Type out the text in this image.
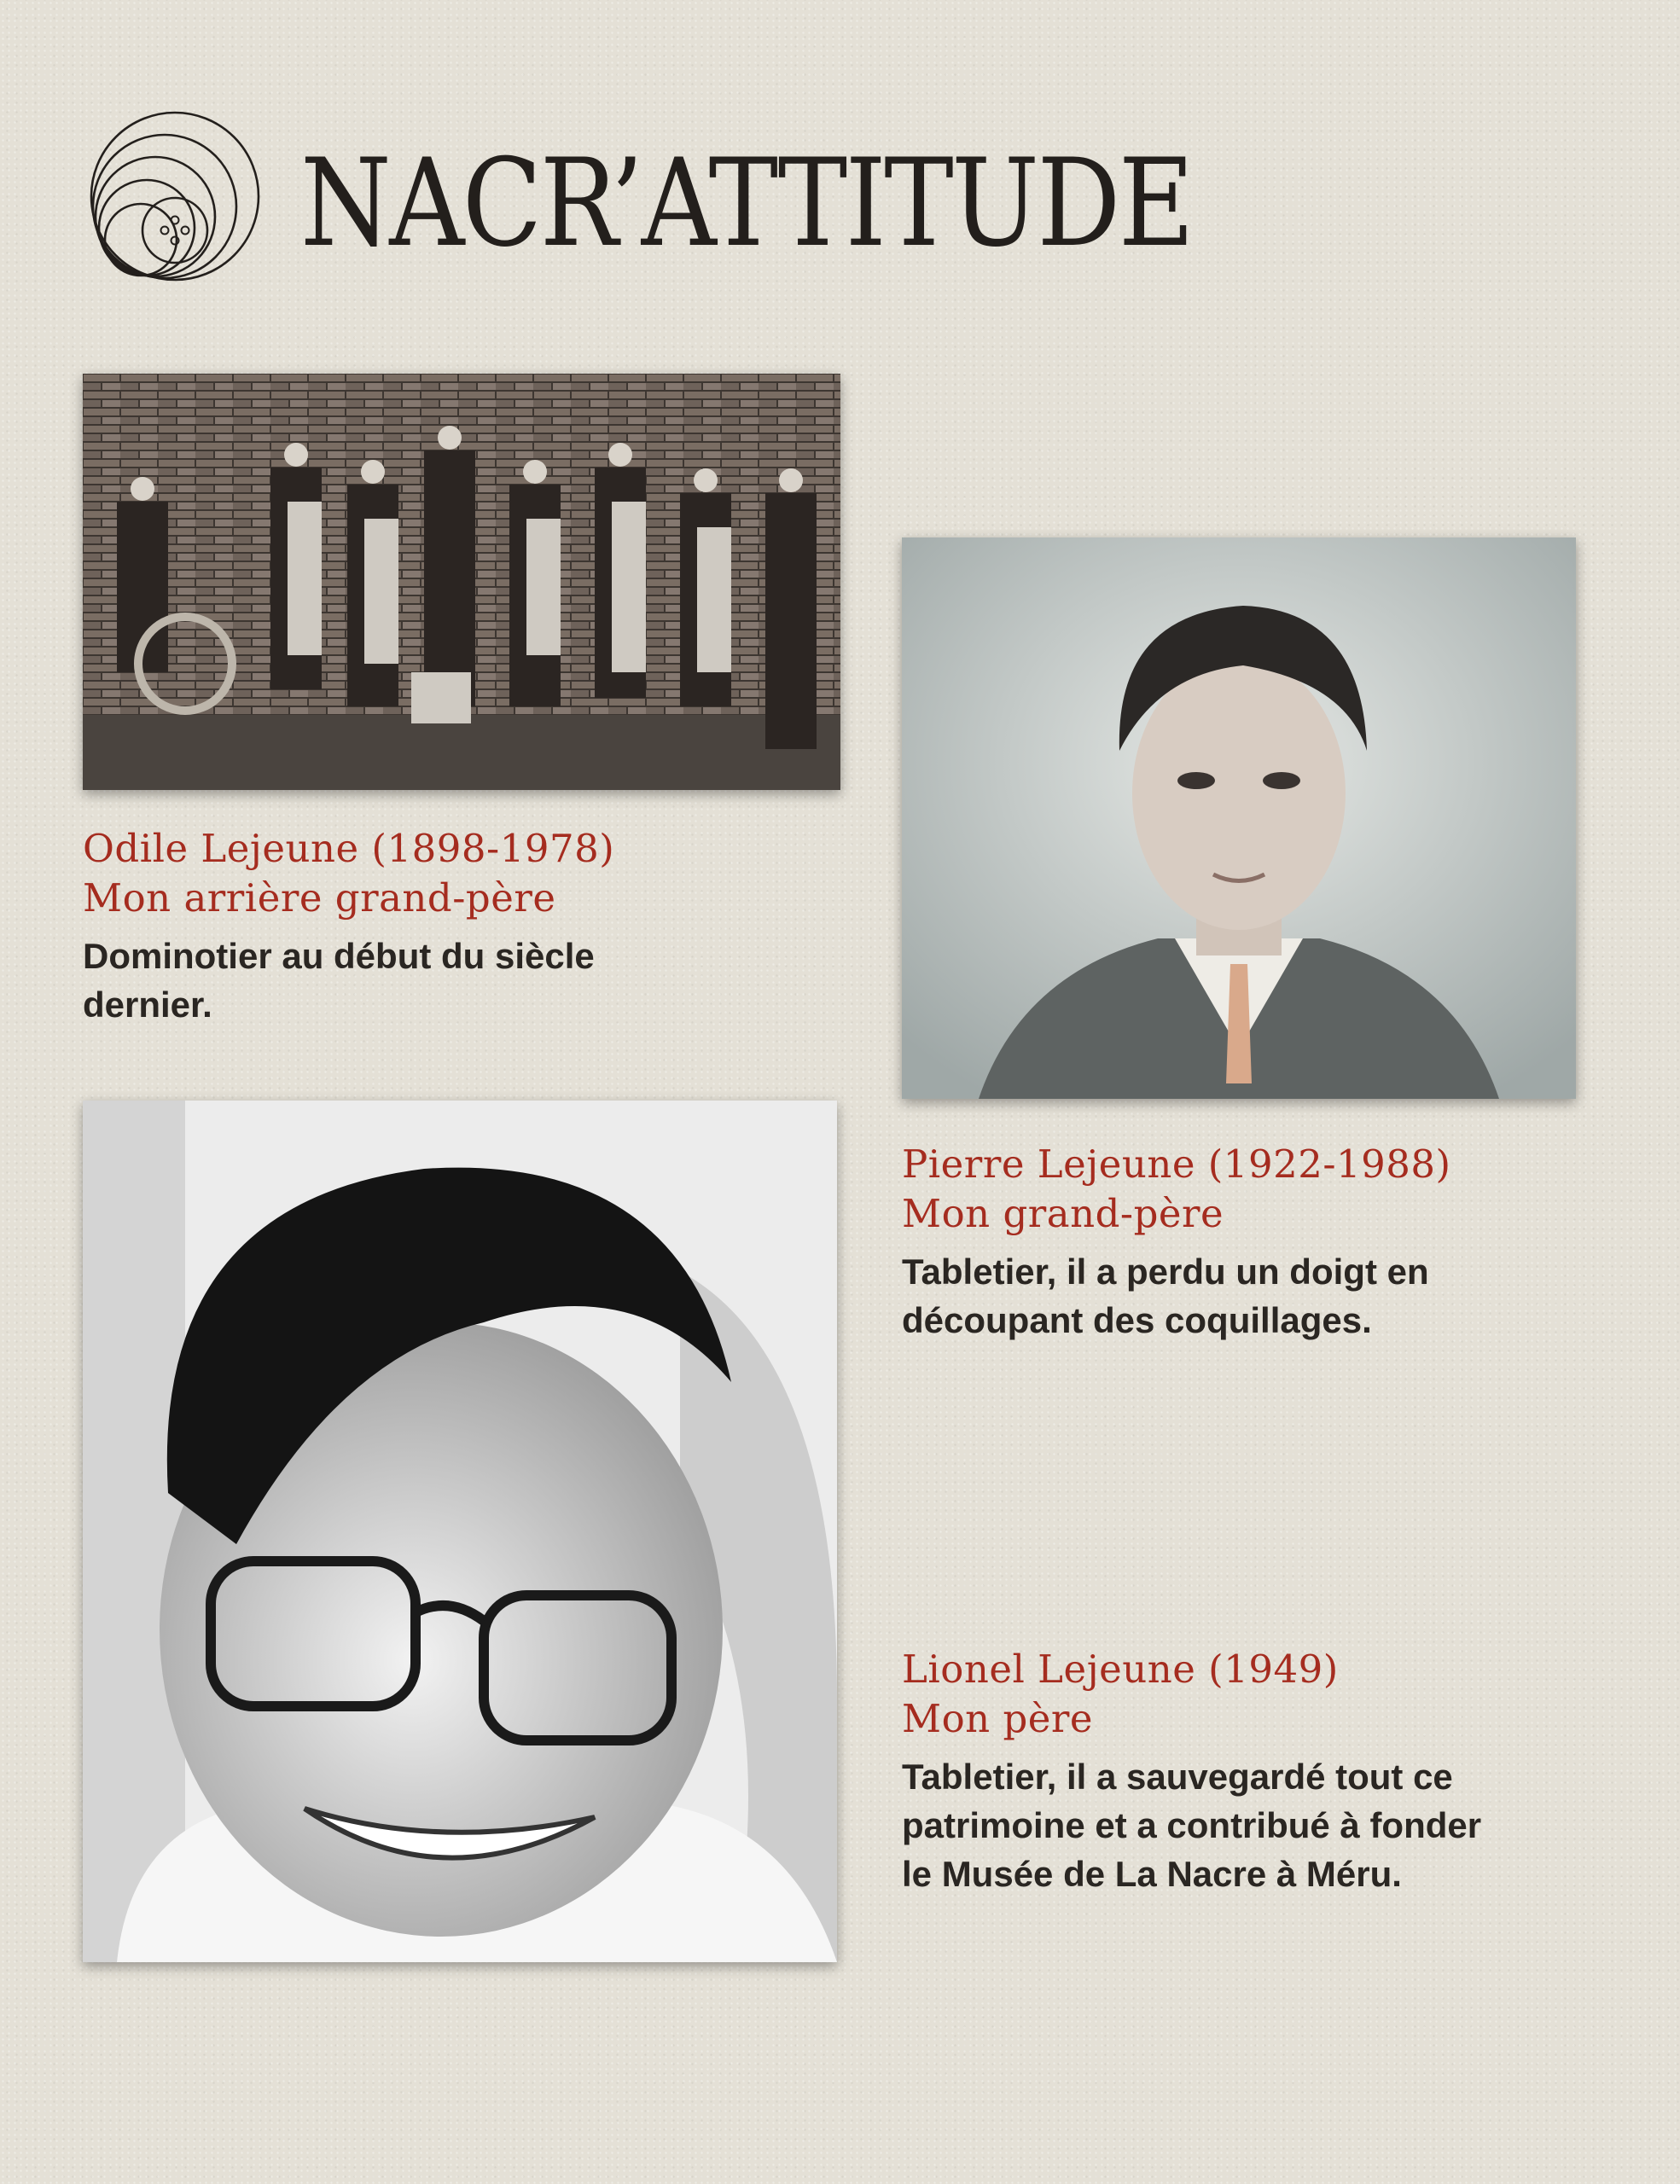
NACR’ATTITUDE
Odile Lejeune (1898-1978)
Mon arrière grand-père
Dominotier au début du siècle dernier.
Pierre Lejeune (1922-1988)
Mon grand-père
Tabletier, il a perdu un doigt en découpant des coquillages.
Lionel Lejeune (1949)
Mon père
Tabletier, il a sauvegardé tout ce patrimoine et a contribué à fonder le Musée de La Nacre à Méru.
